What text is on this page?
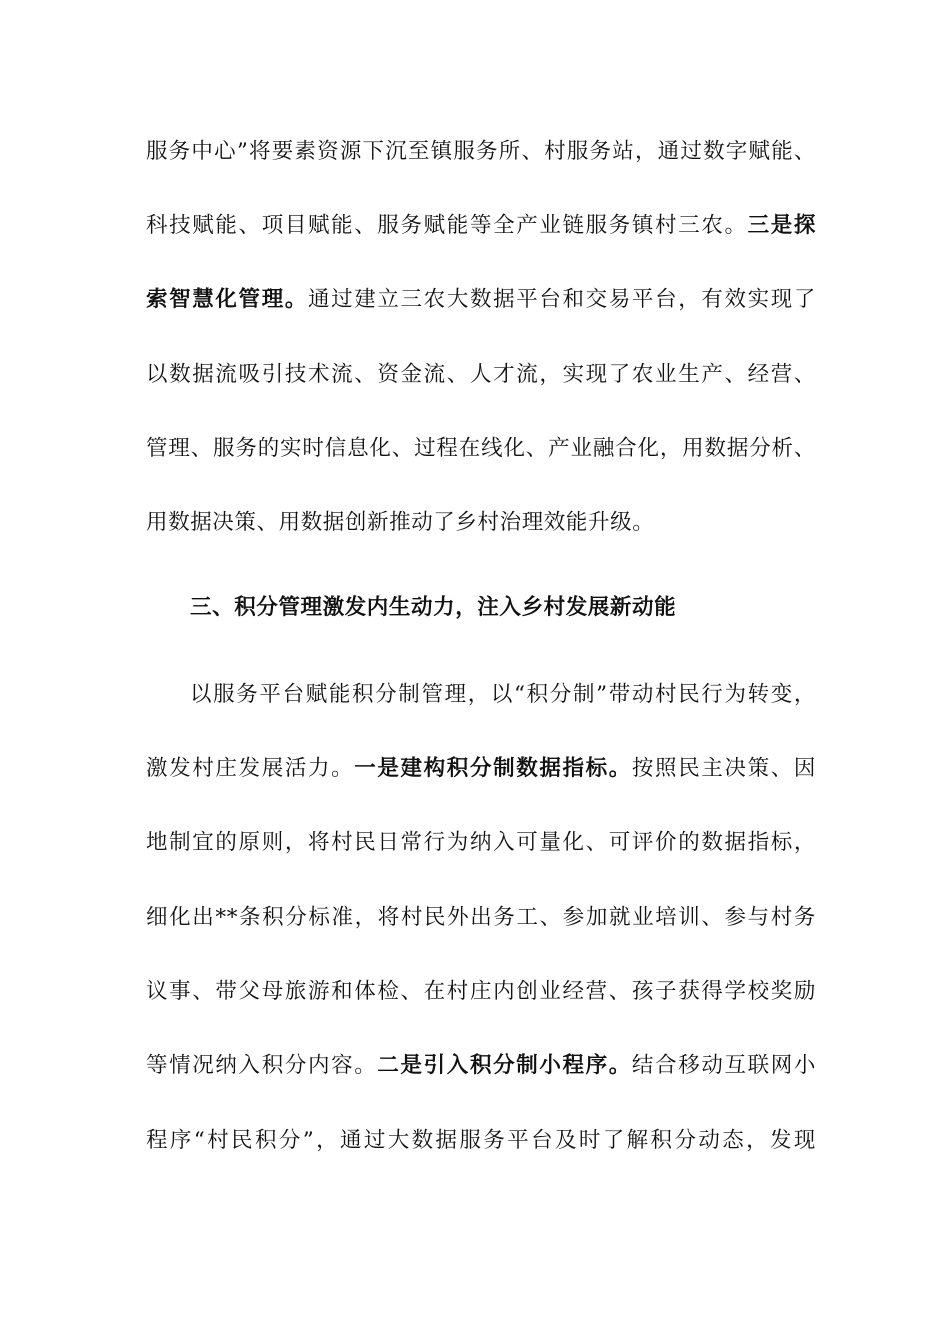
服务中心”将要素资源下沉至镇服务所、村服务站，通过数字赋能、
科技赋能、项目赋能、服务赋能等全产业链服务镇村三农。三是探
索智慧化管理。通过建立三农大数据平台和交易平台，有效实现了
以数据流吸引技术流、资金流、人才流，实现了农业生产、经营、
管理、服务的实时信息化、过程在线化、产业融合化，用数据分析、
用数据决策、用数据创新推动了乡村治理效能升级。
三、积分管理激发内生动力，注入乡村发展新动能
以服务平台赋能积分制管理，以“积分制”带动村民行为转变，
激发村庄发展活力。一是建构积分制数据指标。按照民主决策、因
地制宜的原则，将村民日常行为纳入可量化、可评价的数据指标，
细化出**条积分标准，将村民外出务工、参加就业培训、参与村务
议事、带父母旅游和体检、在村庄内创业经营、孩子获得学校奖励
等情况纳入积分内容。二是引入积分制小程序。结合移动互联网小
程序“村民积分”，通过大数据服务平台及时了解积分动态，发现
